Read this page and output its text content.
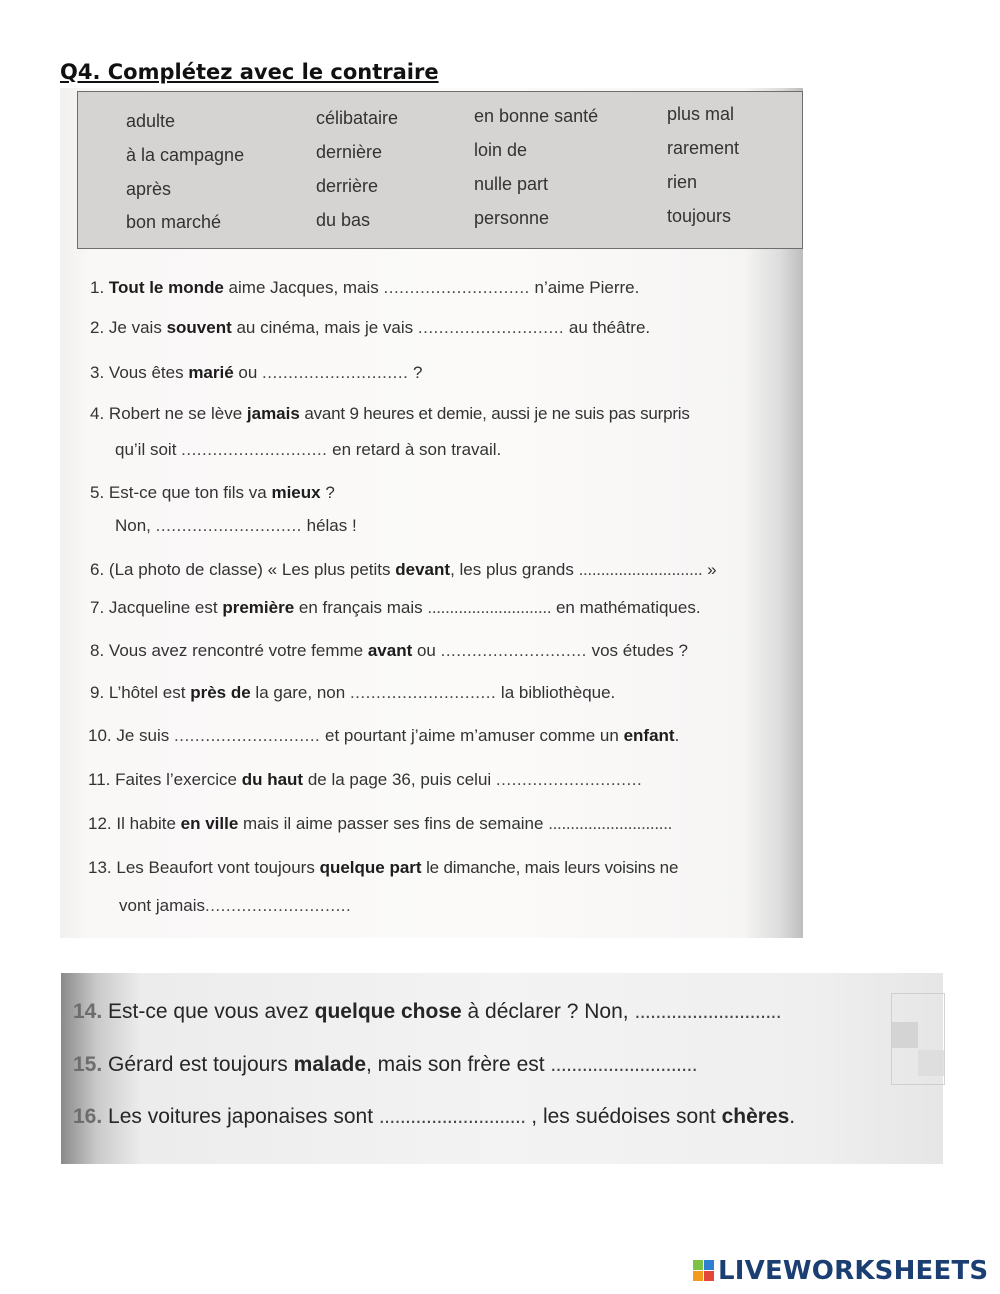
Q4. Complétez avec le contraire
adulte	célibataire	en bonne santé	plus mal
à la campagne	dernière	loin de	rarement
après	derrière	nulle part	rien
bon marché	du bas	personne	toujours
1. Tout le monde aime Jacques, mais ............................ n’aime Pierre.
2. Je vais souvent au cinéma, mais je vais ............................ au théâtre.
3. Vous êtes marié ou ............................ ?
4. Robert ne se lève jamais avant 9 heures et demie, aussi je ne suis pas surpris
qu’il soit ............................ en retard à son travail.
5. Est-ce que ton fils va mieux ?
Non, ............................ hélas !
6. (La photo de classe) « Les plus petits devant, les plus grands ............................ »
7. Jacqueline est première en français mais ............................ en mathématiques.
8. Vous avez rencontré votre femme avant ou ............................ vos études ?
9. L’hôtel est près de la gare, non ............................ la bibliothèque.
10. Je suis ............................ et pourtant j’aime m’amuser comme un enfant.
11. Faites l’exercice du haut de la page 36, puis celui ............................
12. Il habite en ville mais il aime passer ses fins de semaine ............................
13. Les Beaufort vont toujours quelque part le dimanche, mais leurs voisins ne
vont jamais............................
14. Est-ce que vous avez quelque chose à déclarer ? Non, ............................
15. Gérard est toujours malade, mais son frère est ............................
16. Les voitures japonaises sont ............................ , les suédoises sont chères.
LIVEWORKSHEETS
